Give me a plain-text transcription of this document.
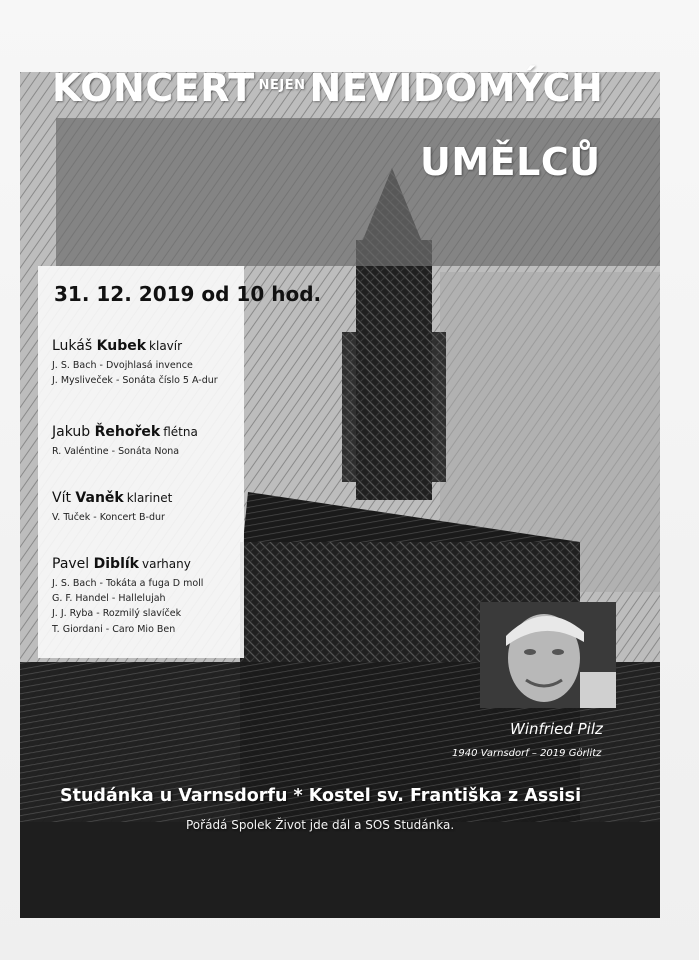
KONCERT $^{NEJEN}$ NEVIDOMÝCH
UMĚLCŮ
31. 12. 2019 od 10 hod.
Lukáš Kubek klavír
J. S. Bach - Dvojhlasá invence
J. Mysliveček - Sonáta číslo 5 A-dur
Jakub Řehořek flétna
R. Valéntine - Sonáta Nona
Vít Vaněk klarinet
V. Tuček - Koncert B-dur
Pavel Diblík varhany
J. S. Bach - Tokáta a fuga D moll
G. F. Handel - Hallelujah
J. J. Ryba - Rozmilý slavíček
T. Giordani - Caro Mio Ben
Winfried Pilz
1940 Varnsdorf – 2019 Görlitz
Studánka u Varnsdorfu * Kostel sv. Františka z Assisi
Pořádá Spolek Život jde dál a SOS Studánka.
